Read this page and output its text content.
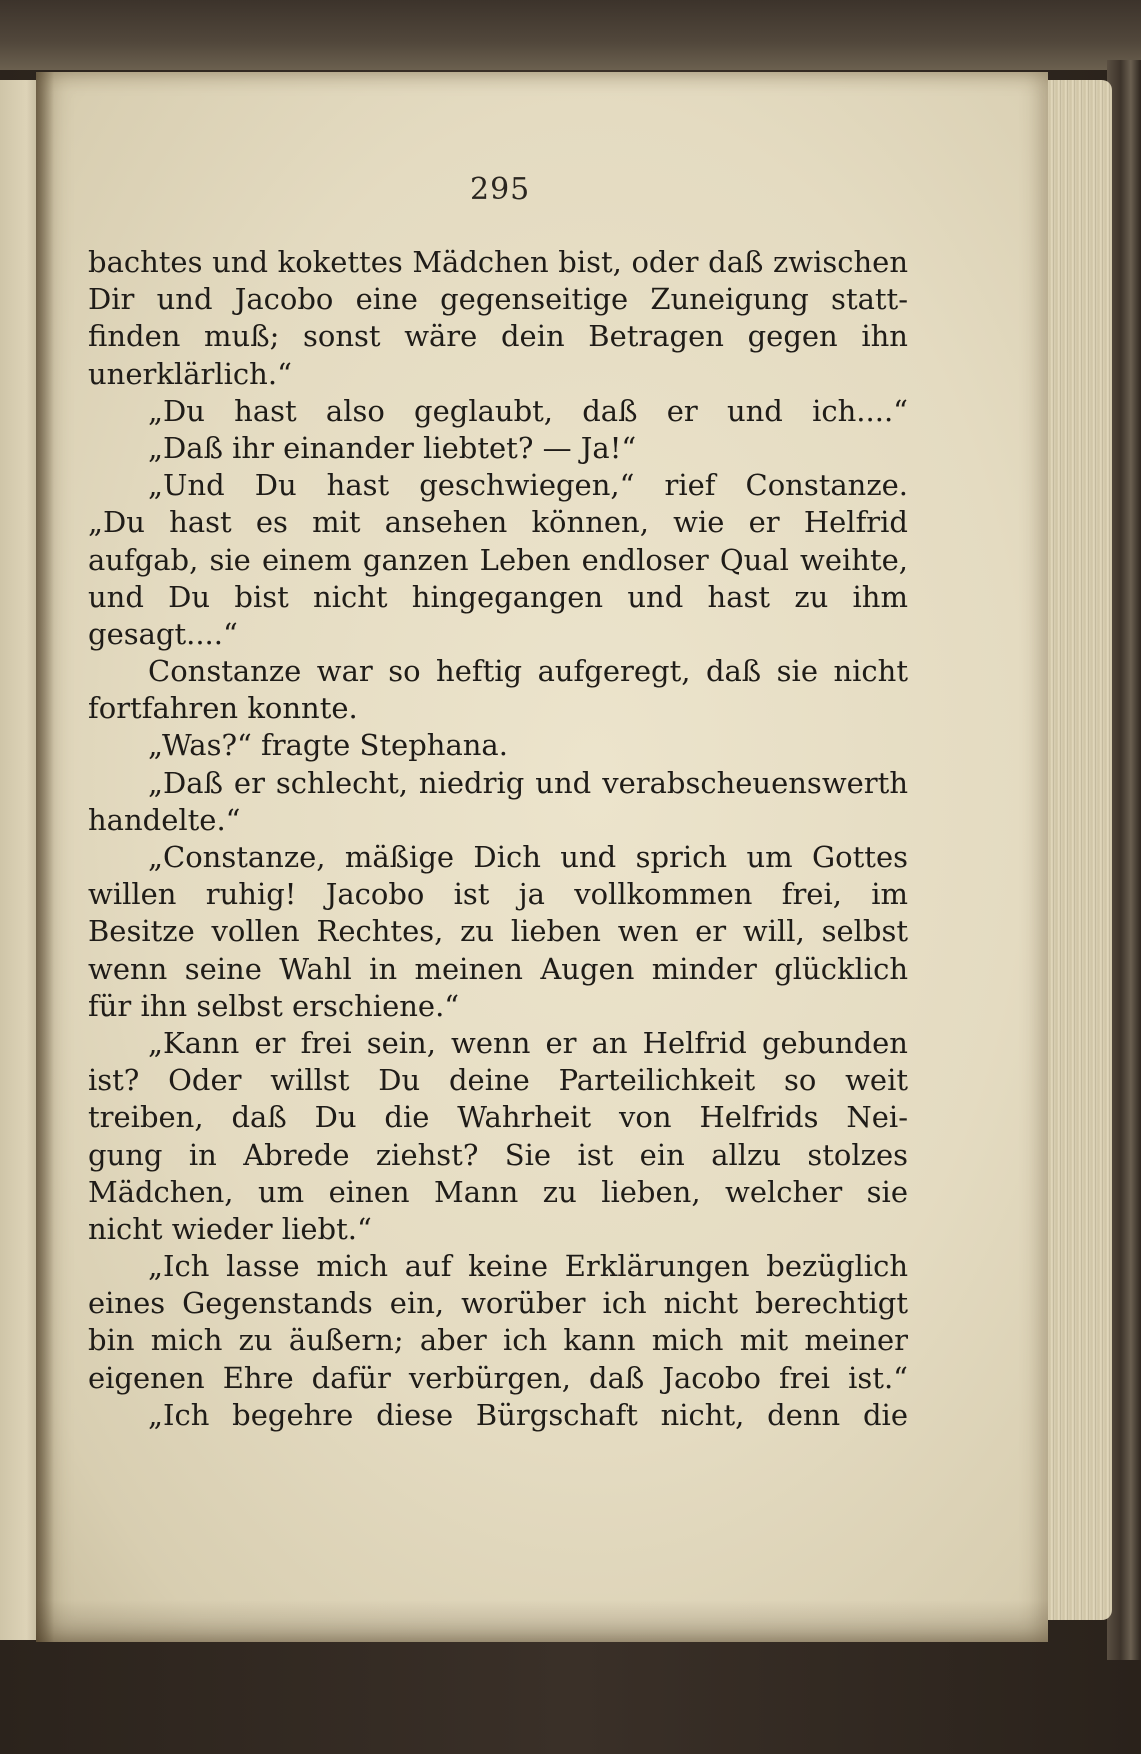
295
bachtes und kokettes Mädchen bist, oder daß zwischen
Dir und Jacobo eine gegenseitige Zuneigung statt-
finden muß; sonst wäre dein Betragen gegen ihn
unerklärlich.“
„Du hast also geglaubt, daß er und ich....“
„Daß ihr einander liebtet? — Ja!“
„Und Du hast geschwiegen,“ rief Constanze.
„Du hast es mit ansehen können, wie er Helfrid
aufgab, sie einem ganzen Leben endloser Qual weihte,
und Du bist nicht hingegangen und hast zu ihm
gesagt....“
Constanze war so heftig aufgeregt, daß sie nicht
fortfahren konnte.
„Was?“ fragte Stephana.
„Daß er schlecht, niedrig und verabscheuenswerth
handelte.“
„Constanze, mäßige Dich und sprich um Gottes
willen ruhig! Jacobo ist ja vollkommen frei, im
Besitze vollen Rechtes, zu lieben wen er will, selbst
wenn seine Wahl in meinen Augen minder glücklich
für ihn selbst erschiene.“
„Kann er frei sein, wenn er an Helfrid gebunden
ist? Oder willst Du deine Parteilichkeit so weit
treiben, daß Du die Wahrheit von Helfrids Nei-
gung in Abrede ziehst? Sie ist ein allzu stolzes
Mädchen, um einen Mann zu lieben, welcher sie
nicht wieder liebt.“
„Ich lasse mich auf keine Erklärungen bezüglich
eines Gegenstands ein, worüber ich nicht berechtigt
bin mich zu äußern; aber ich kann mich mit meiner
eigenen Ehre dafür verbürgen, daß Jacobo frei ist.“
„Ich begehre diese Bürgschaft nicht, denn die
